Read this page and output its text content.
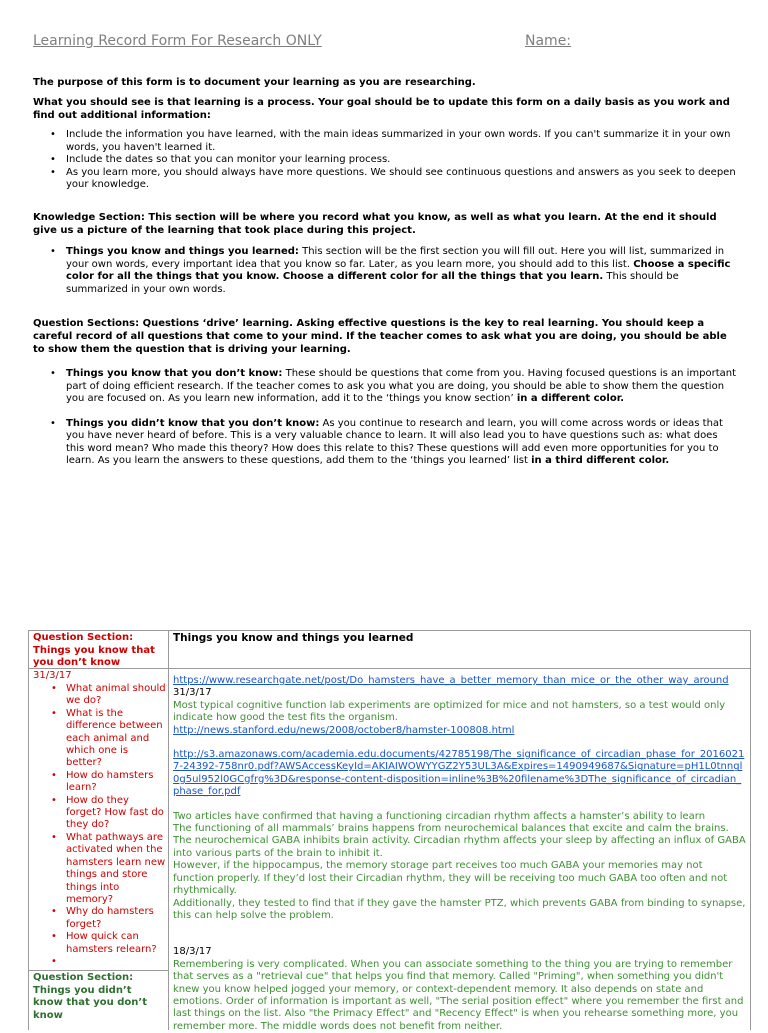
Learning Record Form For Research ONLY	Name:

The purpose of this form is to document your learning as you are researching.

What you should see is that learning is a process. Your goal should be to update this form on a daily basis as you work and find out additional information:

• Include the information you have learned, with the main ideas summarized in your own words. If you can't summarize it in your own words, you haven't learned it.
• Include the dates so that you can monitor your learning process.
• As you learn more, you should always have more questions. We should see continuous questions and answers as you seek to deepen your knowledge.

Knowledge Section: This section will be where you record what you know, as well as what you learn. At the end it should give us a picture of the learning that took place during this project.

• Things you know and things you learned: This section will be the first section you will fill out. Here you will list, summarized in your own words, every important idea that you know so far. Later, as you learn more, you should add to this list. Choose a specific color for all the things that you know. Choose a different color for all the things that you learn. This should be summarized in your own words.

Question Sections: Questions ‘drive’ learning. Asking effective questions is the key to real learning. You should keep a careful record of all questions that come to your mind. If the teacher comes to ask what you are doing, you should be able to show them the question that is driving your learning.

• Things you know that you don’t know: These should be questions that come from you. Having focused questions is an important part of doing efficient research. If the teacher comes to ask you what you are doing, you should be able to show them the question you are focused on. As you learn new information, add it to the ‘things you know section’ in a different color.
• Things you didn’t know that you don’t know: As you continue to research and learn, you will come across words or ideas that you have never heard of before. This is a very valuable chance to learn. It will also lead you to have questions such as: what does this word mean? Who made this theory? How does this relate to this? These questions will add even more opportunities for you to learn. As you learn the answers to these questions, add them to the ‘things you learned’ list in a third different color.
Question Section: Things you know that you don’t know
31/3/17
• What animal should we do?
• What is the difference between each animal and which one is better?
• How do hamsters learn?
• How do they forget? How fast do they do?
• What pathways are activated when the hamsters learn new things and store things into memory?
• Why do hamsters forget?
• How quick can hamsters relearn?
Question Section: Things you didn’t know that you don’t know
Things you know and things you learned
https://www.researchgate.net/post/Do_hamsters_have_a_better_memory_than_mice_or_the_other_way_around
31/3/17
Most typical cognitive function lab experiments are optimized for mice and not hamsters, so a test would only indicate how good the test fits the organism.
http://news.stanford.edu/news/2008/october8/hamster-100808.html
http://s3.amazonaws.com/academia.edu.documents/42785198/The_significance_of_circadian_phase_for_20160217-24392-758nr0.pdf?AWSAccessKeyId=AKIAIWOWYYGZ2Y53UL3A&Expires=1490949687&Signature=pH1L0tnngl0g5ul952l0GCgfrg%3D&response-content-disposition=inline%3B%20filename%3DThe_significance_of_circadian_phase_for.pdf
Two articles have confirmed that having a functioning circadian rhythm affects a hamster’s ability to learn
The functioning of all mammals’ brains happens from neurochemical balances that excite and calm the brains.
The neurochemical GABA inhibits brain activity. Circadian rhythm affects your sleep by affecting an influx of GABA into various parts of the brain to inhibit it.
However, if the hippocampus, the memory storage part receives too much GABA your memories may not function properly. If they’d lost their Circadian rhythm, they will be receiving too much GABA too often and not rhythmically.
Additionally, they tested to find that if they gave the hamster PTZ, which prevents GABA from binding to synapse, this can help solve the problem.
18/3/17
Remembering is very complicated. When you can associate something to the thing you are trying to remember that serves as a "retrieval cue" that helps you find that memory. Called "Priming", when something you didn't knew you know helped jogged your memory, or context-dependent memory. It also depends on state and emotions. Order of information is important as well, "The serial position effect" where you remember the first and last things on the list. Also "the Primacy Effect" and "Recency Effect" is when you rehearse something more, you remember more. The middle words does not benefit from neither.
